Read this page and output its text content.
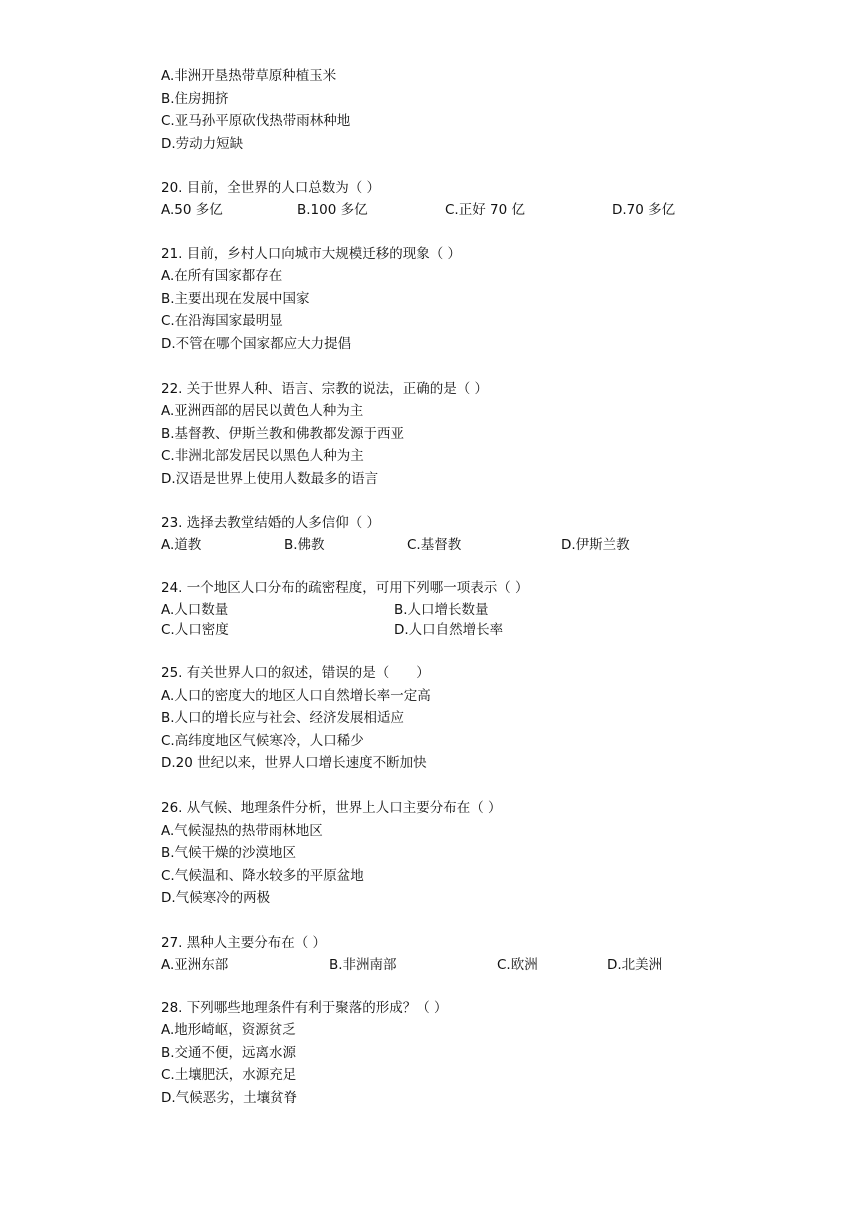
A.非洲开垦热带草原种植玉米
B.住房拥挤
C.亚马孙平原砍伐热带雨林种地
D.劳动力短缺
20. 目前，全世界的人口总数为（ ）
A.50 多亿	B.100 多亿	C.正好 70 亿	D.70 多亿
21. 目前，乡村人口向城市大规模迁移的现象（ ）
A.在所有国家都存在
B.主要出现在发展中国家
C.在沿海国家最明显
D.不管在哪个国家都应大力提倡
22. 关于世界人种、语言、宗教的说法，正确的是（ ）
A.亚洲西部的居民以黄色人种为主
B.基督教、伊斯兰教和佛教都发源于西亚
C.非洲北部发居民以黑色人种为主
D.汉语是世界上使用人数最多的语言
23. 选择去教堂结婚的人多信仰（ ）
A.道教	B.佛教	C.基督教	D.伊斯兰教
24. 一个地区人口分布的疏密程度，可用下列哪一项表示（ ）
A.人口数量	B.人口增长数量
C.人口密度	D.人口自然增长率
25. 有关世界人口的叙述，错误的是（　　）
A.人口的密度大的地区人口自然增长率一定高
B.人口的增长应与社会、经济发展相适应
C.高纬度地区气候寒冷，人口稀少
D.20 世纪以来，世界人口增长速度不断加快
26. 从气候、地理条件分析，世界上人口主要分布在（ ）
A.气候湿热的热带雨林地区
B.气候干燥的沙漠地区
C.气候温和、降水较多的平原盆地
D.气候寒冷的两极
27. 黑种人主要分布在（ ）
A.亚洲东部	B.非洲南部	C.欧洲	D.北美洲
28. 下列哪些地理条件有利于聚落的形成？（ ）
A.地形崎岖，资源贫乏
B.交通不便，远离水源
C.土壤肥沃，水源充足
D.气候恶劣，土壤贫脊
